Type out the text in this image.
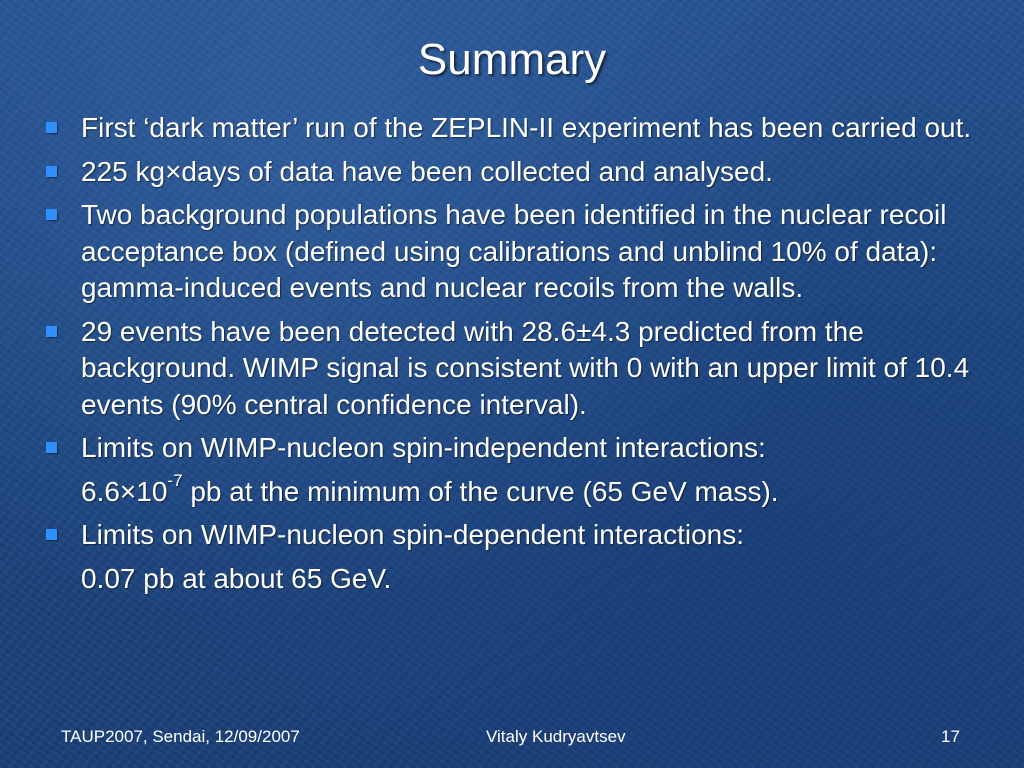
Summary
First ‘dark matter’ run of the ZEPLIN-II experiment has been carried out.
225 kg×days of data have been collected and analysed.
Two background populations have been identified in the nuclear recoil acceptance box (defined using calibrations and unblind 10% of data): gamma-induced events and nuclear recoils from the walls.
29 events have been detected with 28.6±4.3 predicted from the background. WIMP signal is consistent with 0 with an upper limit of 10.4 events (90% central confidence interval).
Limits on WIMP-nucleon spin-independent interactions:
$6.6\times 10^{-7}$ pb at the minimum of the curve (65 GeV mass).
Limits on WIMP-nucleon spin-dependent interactions:
0.07 pb at about 65 GeV.
TAUP2007, Sendai, 12/09/2007	Vitaly Kudryavtsev	17
